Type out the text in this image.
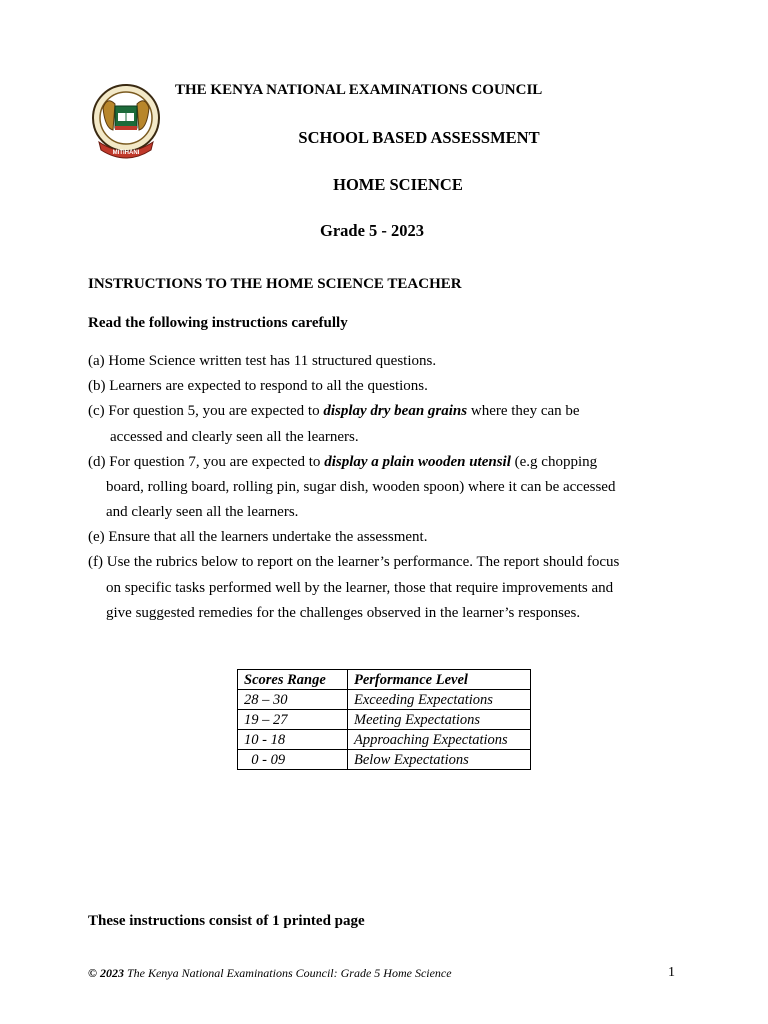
MITIHANI
THE KENYA NATIONAL EXAMINATIONS COUNCIL
SCHOOL BASED ASSESSMENT
HOME SCIENCE
Grade 5 - 2023
INSTRUCTIONS TO THE HOME SCIENCE TEACHER
Read the following instructions carefully
(a) Home Science written test has 11 structured questions.
(b) Learners are expected to respond to all the questions.
(c) For question 5, you are expected to display dry bean grains where they can be
accessed and clearly seen all the learners.
(d) For question 7, you are expected to display a plain wooden utensil (e.g chopping
board, rolling board, rolling pin, sugar dish, wooden spoon) where it can be accessed
and clearly seen all the learners.
(e) Ensure that all the learners undertake the assessment.
(f) Use the rubrics below to report on the learner’s performance. The report should focus
on specific tasks performed well by the learner, those that require improvements and
give suggested remedies for the challenges observed in the learner’s responses.
Scores Range	Performance Level
28 – 30	Exceeding Expectations
19 – 27	Meeting Expectations
10 - 18	Approaching Expectations
0 - 09	Below Expectations
These instructions consist of 1 printed page
© 2023 The Kenya National Examinations Council: Grade 5 Home Science	1
